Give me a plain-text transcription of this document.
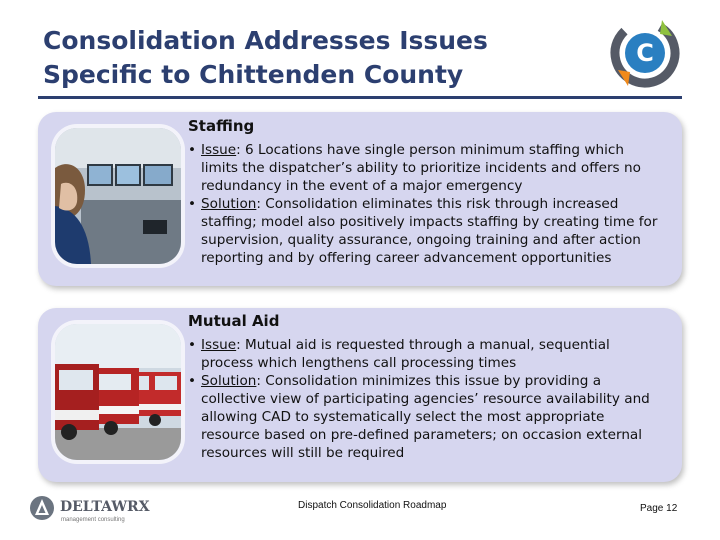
Consolidation Addresses Issues
Specific to Chittenden County
C
Staffing
• Issue: 6 Locations have single person minimum staffing which limits the dispatcher’s ability to prioritize incidents and offers no redundancy in the event of a major emergency
• Solution: Consolidation eliminates this risk through increased staffing; model also positively impacts staffing by creating time for supervision, quality assurance, ongoing training and after action reporting and by offering career advancement opportunities
Mutual Aid
• Issue: Mutual aid is requested through a manual, sequential process which lengthens call processing times
• Solution: Consolidation minimizes this issue by providing a collective view of participating agencies’ resource availability and allowing CAD to systematically select the most appropriate resource based on pre-defined parameters; on occasion external resources will still be required
DELTAWRX
management consulting
Dispatch Consolidation Roadmap	Page 12
